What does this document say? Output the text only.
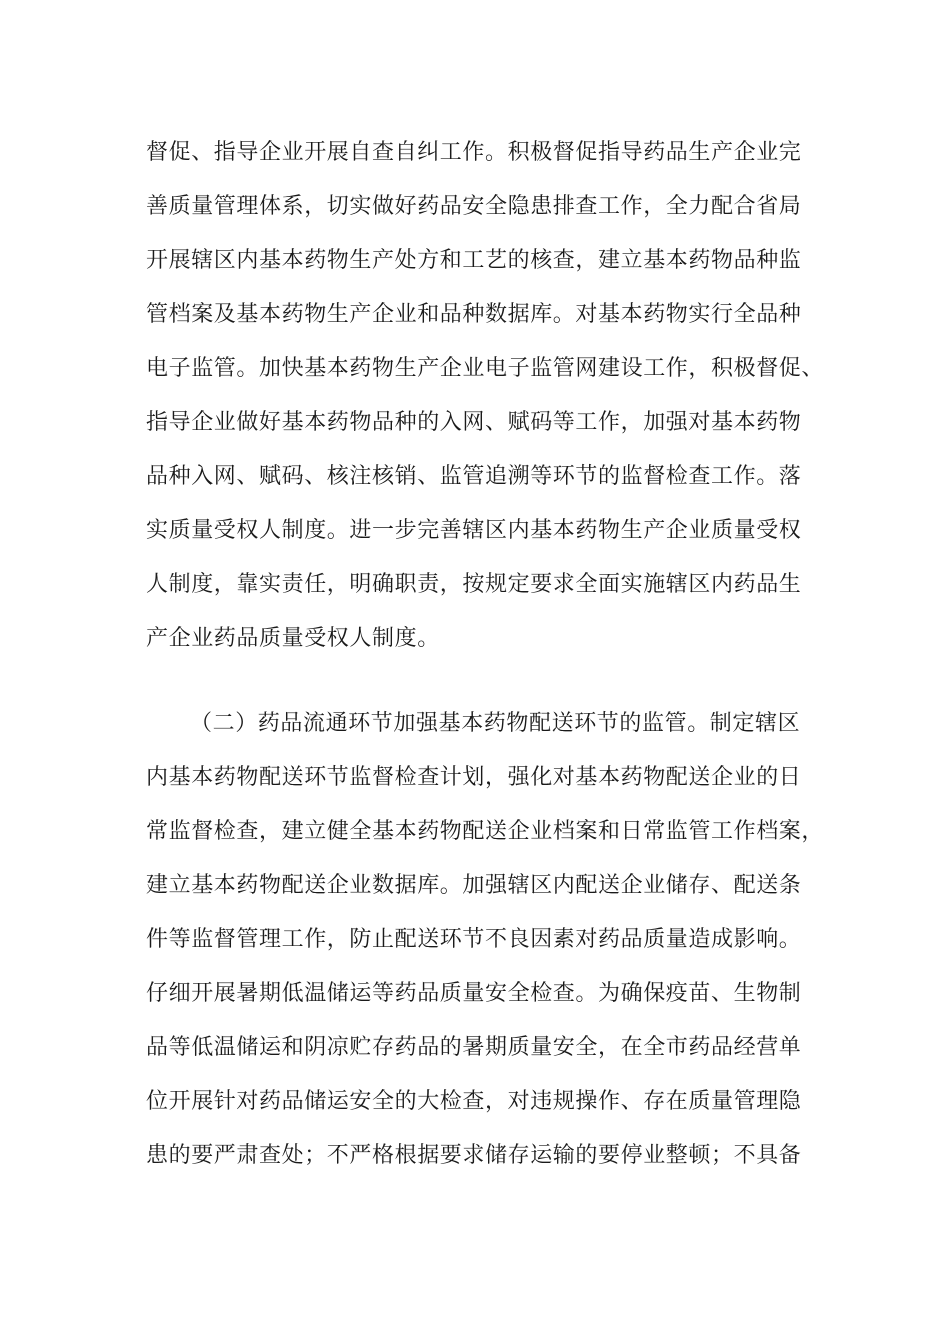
督促、指导企业开展自查自纠工作。积极督促指导药品生产企业完

善质量管理体系，切实做好药品安全隐患排查工作，全力配合省局

开展辖区内基本药物生产处方和工艺的核查，建立基本药物品种监

管档案及基本药物生产企业和品种数据库。对基本药物实行全品种

电子监管。加快基本药物生产企业电子监管网建设工作，积极督促、

指导企业做好基本药物品种的入网、赋码等工作，加强对基本药物

品种入网、赋码、核注核销、监管追溯等环节的监督检查工作。落

实质量受权人制度。进一步完善辖区内基本药物生产企业质量受权

人制度，靠实责任，明确职责，按规定要求全面实施辖区内药品生

产企业药品质量受权人制度。

（二）药品流通环节加强基本药物配送环节的监管。制定辖区

内基本药物配送环节监督检查计划，强化对基本药物配送企业的日

常监督检查，建立健全基本药物配送企业档案和日常监管工作档案，

建立基本药物配送企业数据库。加强辖区内配送企业储存、配送条

件等监督管理工作，防止配送环节不良因素对药品质量造成影响。

仔细开展暑期低温储运等药品质量安全检查。为确保疫苗、生物制

品等低温储运和阴凉贮存药品的暑期质量安全，在全市药品经营单

位开展针对药品储运安全的大检查，对违规操作、存在质量管理隐

患的要严肃查处；不严格根据要求储存运输的要停业整顿；不具备
